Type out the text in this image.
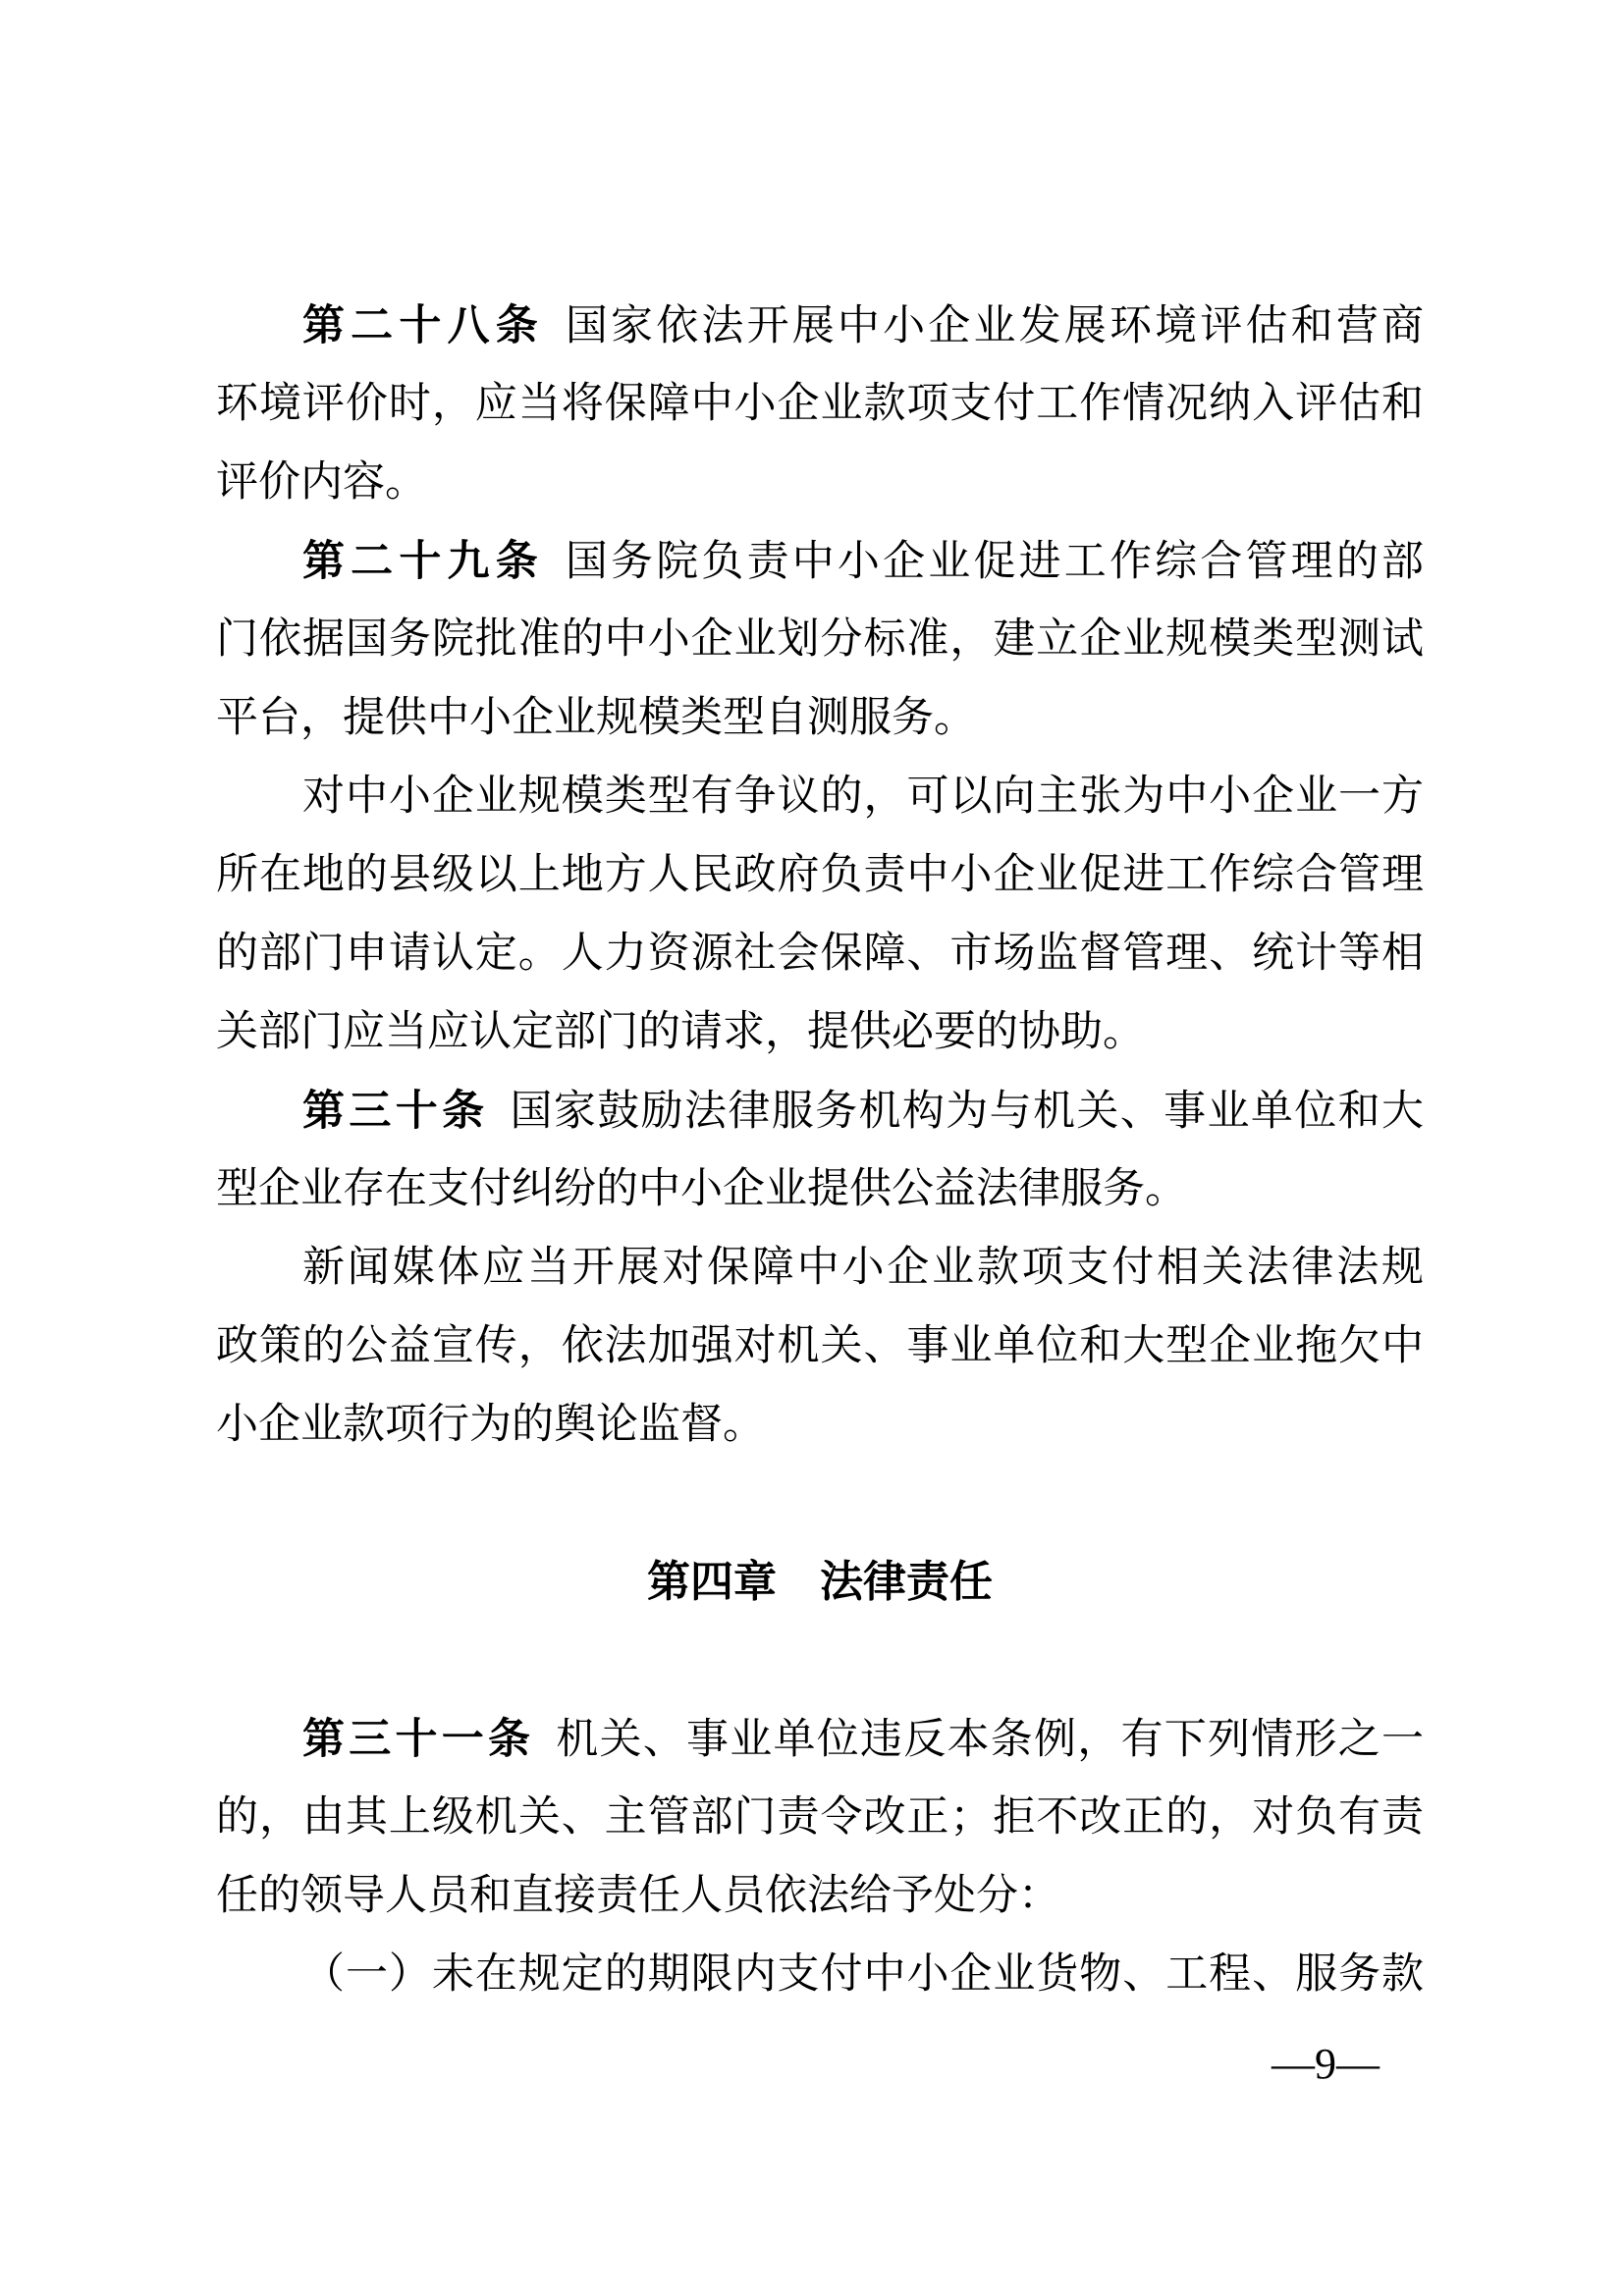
第二十八条 国家依法开展中小企业发展环境评估和营商
环境评价时，应当将保障中小企业款项支付工作情况纳入评估和
评价内容。
第二十九条 国务院负责中小企业促进工作综合管理的部
门依据国务院批准的中小企业划分标准，建立企业规模类型测试
平台，提供中小企业规模类型自测服务。
对中小企业规模类型有争议的，可以向主张为中小企业一方
所在地的县级以上地方人民政府负责中小企业促进工作综合管理
的部门申请认定。人力资源社会保障、市场监督管理、统计等相
关部门应当应认定部门的请求，提供必要的协助。
第三十条 国家鼓励法律服务机构为与机关、事业单位和大
型企业存在支付纠纷的中小企业提供公益法律服务。
新闻媒体应当开展对保障中小企业款项支付相关法律法规
政策的公益宣传，依法加强对机关、事业单位和大型企业拖欠中
小企业款项行为的舆论监督。
第四章　法律责任
第三十一条 机关、事业单位违反本条例，有下列情形之一
的，由其上级机关、主管部门责令改正；拒不改正的，对负有责
任的领导人员和直接责任人员依法给予处分：
（一）未在规定的期限内支付中小企业货物、工程、服务款
—9—
